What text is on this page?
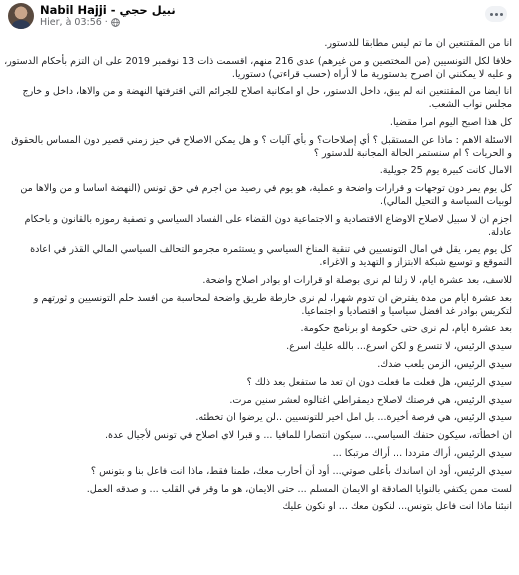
Nabil Hajji - نبيل حجي
Hier, à 03:56 ·

انا من المقتنعين ان ما تم ليس مطابقا للدستور.

خلافا لكل التونسيين (من المختصين و من غيرهم) عدى 216 منهم، اقسمت ذات 13 نوفمبر 2019 على ان التزم بأحكام الدستور، و عليه لا يمكنني ان اصرح بدستورية ما لا أراه (حسب قراءتي) دستوريا.

انا ايضا من المقتنعين انه لم يبق، داخل الدستور، حل او امكانية اصلاح للجرائم التي اقترفتها النهضة و من والاها، داخل و خارج مجلس نواب الشعب.

كل هذا اصبح اليوم امرا مقضيا.

الاسئلة الاهم : ماذا عن المستقبل ؟ أي إصلاحات؟ و بأي آليات ؟ و هل يمكن الاصلاح في حيز زمني قصير دون المساس بالحقوق و الحريات ؟ ام سنستمر الحالة المجانبة للدستور ؟

الامال كانت كبيرة يوم 25 جويلية.

كل يوم يمر دون توجهات و قرارات واضحة و عملية، هو يوم في رصيد من اجرم في حق تونس (النهضة اساسا و من والاها من لوبيات السياسة و التحيل المالي).

اجزم ان لا سبيل لاصلاح الاوضاع الاقتصادية و الاجتماعية دون القضاء على الفساد السياسي و تصفية رموزه بالقانون و باحكام عادلة.

كل يوم يمر، يقل في امال التونسيين في تنقية المناخ السياسي و يستثمره مجرمو التحالف السياسي المالي القذر في اعادة التموقع و توسيع شبكة الابتزاز و التهديد و الاغراء.

للاسف، بعد عشرة ايام، لا زلنا لم نرى بوصلة او قرارات او بوادر اصلاح واضحة.

بعد عشرة ايام من مدة يفترض ان تدوم شهرا، لم نرى خارطة طريق واضحة لمحاسبة من افسد حلم التونسيين و ثورتهم و لتكريس بوادر غد افضل سياسيا و اقتصاديا و اجتماعيا.

بعد عشرة ايام، لم نرى حتى حكومة او برنامج حكومة.

سيدي الرئيس، لا تتسرع و لكن اسرع... بالله عليك اسرع.

سيدي الرئيس، الزمن يلعب ضدك.

سيدي الرئيس، هل فعلت ما فعلت دون ان تعد ما ستفعل بعد ذلك ؟

سيدي الرئيس، هي فرصتك لاصلاح ديمقراطي اغتالوه لعشر سنين مرت.

سيدي الرئيس، هي فرصة أخيرة... بل امل اخير للتونسيين ..لن يرضوا ان تخطئه.

ان اخطأته، سيكون حتفك السياسي... سيكون انتصارا للمافيا ... و قبرا لاي اصلاح في تونس لأجيال عدة.

سيدي الرئيس، أراك مترددا ... أراك مرتبكا ...

سيدي الرئيس، أود ان اساندك بأعلى صوتي... أود أن أحارب معك، طمنا فقط، ماذا انت فاعل بنا و بتونس ؟

لست ممن يكتفي بالنوايا الصادقة او الايمان المسلم ... حتى الايمان، هو ما وقر في القلب ... و صدقه العمل.

انبئنا ماذا انت فاعل بتونس... لنكون معك ... او نكون عليك
